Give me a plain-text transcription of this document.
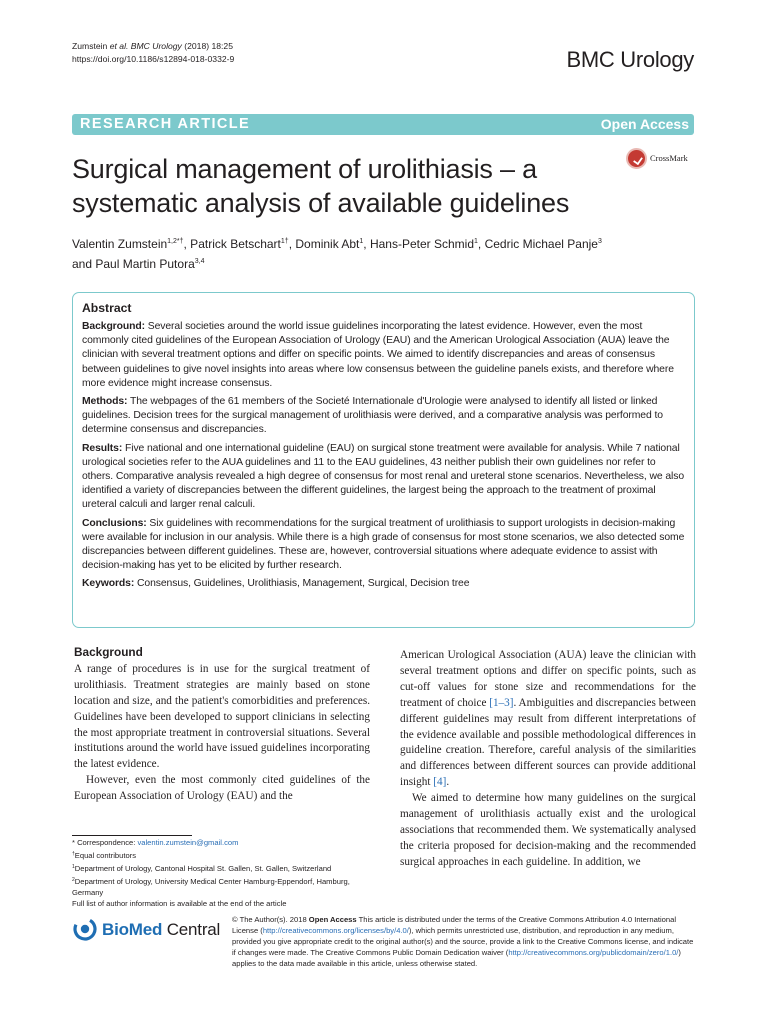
Zumstein et al. BMC Urology (2018) 18:25
https://doi.org/10.1186/s12894-018-0332-9	BMC Urology
RESEARCH ARTICLE	Open Access
Surgical management of urolithiasis – a systematic analysis of available guidelines
CrossMark
Valentin Zumstein$^{1,2*\dagger}$, Patrick Betschart$^{1\dagger}$, Dominik Abt$^1$, Hans-Peter Schmid$^1$, Cedric Michael Panje$^3$
and Paul Martin Putora$^{3,4}$
Abstract

Background: Several societies around the world issue guidelines incorporating the latest evidence. However, even the most commonly cited guidelines of the European Association of Urology (EAU) and the American Urological Association (AUA) leave the clinician with several treatment options and differ on specific points. We aimed to identify discrepancies and areas of consensus between guidelines to give novel insights into areas where low consensus between the guideline panels exists, and therefore where more evidence might increase consensus.

Methods: The webpages of the 61 members of the Societé Internationale d'Urologie were analysed to identify all listed or linked guidelines. Decision trees for the surgical management of urolithiasis were derived, and a comparative analysis was performed to determine consensus and discrepancies.

Results: Five national and one international guideline (EAU) on surgical stone treatment were available for analysis. While 7 national urological societies refer to the AUA guidelines and 11 to the EAU guidelines, 43 neither publish their own guidelines nor refer to others. Comparative analysis revealed a high degree of consensus for most renal and ureteral stone scenarios. Nevertheless, we also identified a variety of discrepancies between the different guidelines, the largest being the approach to the treatment of proximal ureteral calculi and larger renal calculi.

Conclusions: Six guidelines with recommendations for the surgical treatment of urolithiasis to support urologists in decision-making were available for inclusion in our analysis. While there is a high grade of consensus for most stone scenarios, we also detected some discrepancies between different guidelines. These are, however, controversial situations where adequate evidence to assist with decision-making has yet to be elicited by further research.

Keywords: Consensus, Guidelines, Urolithiasis, Management, Surgical, Decision tree

Background

A range of procedures is in use for the surgical treatment of urolithiasis. Treatment strategies are mainly based on stone location and size, and the patient's comorbidities and preferences. Guidelines have been developed to support clinicians in selecting the most appropriate treatment in controversial situations. Several institutions around the world have issued guidelines incorporating the latest evidence.

However, even the most commonly cited guidelines of the European Association of Urology (EAU) and the

American Urological Association (AUA) leave the clinician with several treatment options and differ on specific points, such as cut-off values for stone size and recommendations for the treatment of choice [1–3]. Ambiguities and discrepancies between different guidelines may result from different interpretations of the evidence available and possible methodological differences in guideline creation. Therefore, careful analysis of the similarities and differences between different sources can provide additional insight [4].

We aimed to determine how many guidelines on the surgical management of urolithiasis actually exist and the urological associations that recommended them. We systematically analysed the criteria proposed for decision-making and the recommended surgical approaches in each guideline. In addition, we

* Correspondence: valentin.zumstein@gmail.com
†Equal contributors
$^1$Department of Urology, Cantonal Hospital St. Gallen, St. Gallen, Switzerland
$^2$Department of Urology, University Medical Center Hamburg-Eppendorf, Hamburg, Germany
Full list of author information is available at the end of the article
BioMed Central
© The Author(s). 2018 Open Access This article is distributed under the terms of the Creative Commons Attribution 4.0 International License (http://creativecommons.org/licenses/by/4.0/), which permits unrestricted use, distribution, and reproduction in any medium, provided you give appropriate credit to the original author(s) and the source, provide a link to the Creative Commons license, and indicate if changes were made. The Creative Commons Public Domain Dedication waiver (http://creativecommons.org/publicdomain/zero/1.0/) applies to the data made available in this article, unless otherwise stated.
